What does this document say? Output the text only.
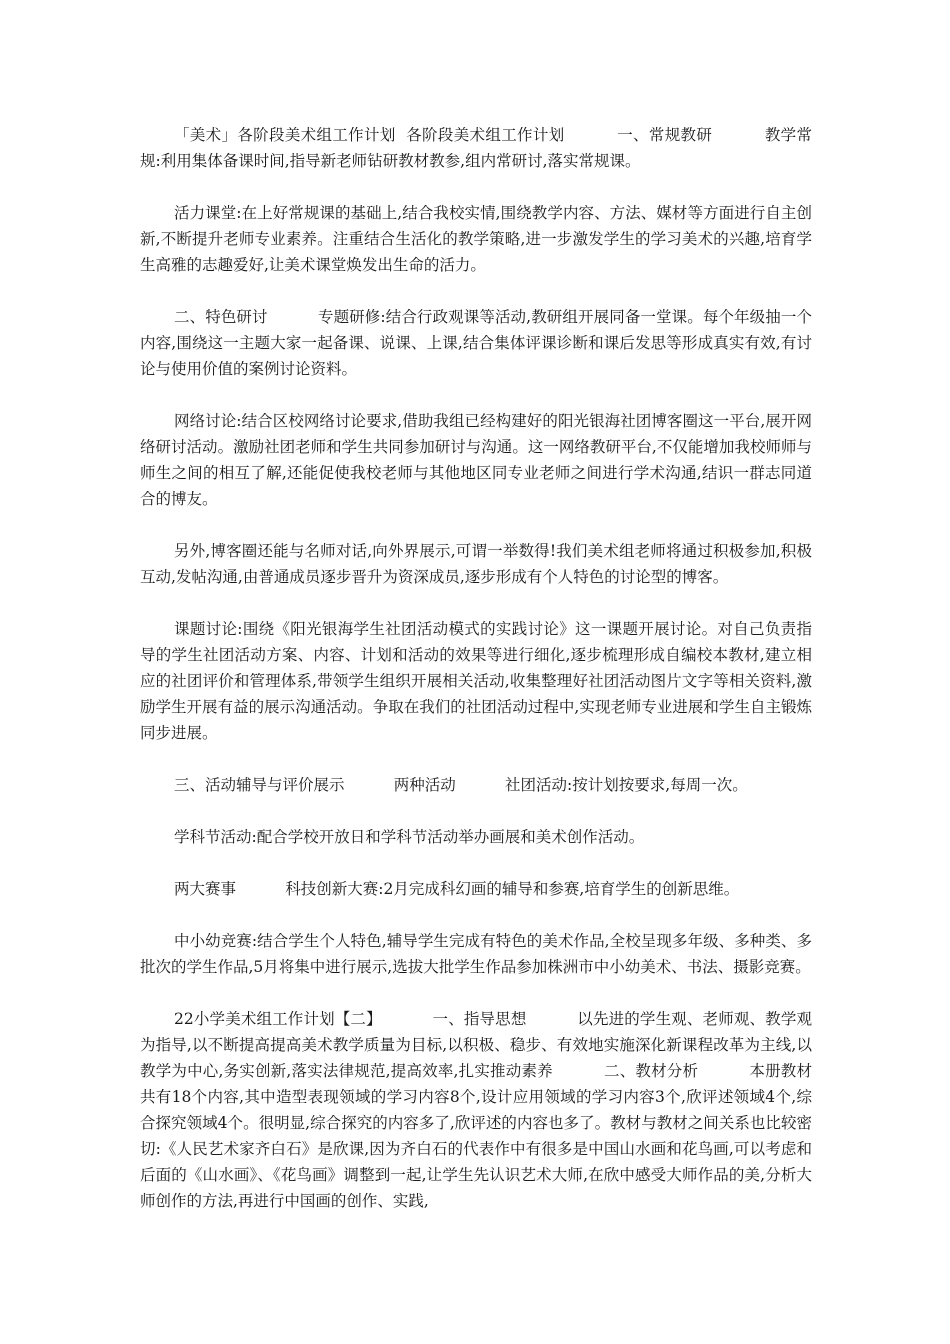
「美术」各阶段美术组工作计划  各阶段美术组工作计划          一、常规教研          教学常规:利用集体备课时间,指导新老师钻研教材教参,组内常研讨,落实常规课。

活力课堂:在上好常规课的基础上,结合我校实情,围绕教学内容、方法、媒材等方面进行自主创新,不断提升老师专业素养。注重结合生活化的教学策略,进一步激发学生的学习美术的兴趣,培育学生高雅的志趣爱好,让美术课堂焕发出生命的活力。

二、特色研讨          专题研修:结合行政观课等活动,教研组开展同备一堂课。每个年级抽一个内容,围绕这一主题大家一起备课、说课、上课,结合集体评课诊断和课后发思等形成真实有效,有讨论与使用价值的案例讨论资料。

网络讨论:结合区校网络讨论要求,借助我组已经构建好的阳光银海社团博客圈这一平台,展开网络研讨活动。激励社团老师和学生共同参加研讨与沟通。这一网络教研平台,不仅能增加我校师师与师生之间的相互了解,还能促使我校老师与其他地区同专业老师之间进行学术沟通,结识一群志同道合的博友。

另外,博客圈还能与名师对话,向外界展示,可谓一举数得!我们美术组老师将通过积极参加,积极互动,发帖沟通,由普通成员逐步晋升为资深成员,逐步形成有个人特色的讨论型的博客。

课题讨论:围绕《阳光银海学生社团活动模式的实践讨论》这一课题开展讨论。对自己负责指导的学生社团活动方案、内容、计划和活动的效果等进行细化,逐步梳理形成自编校本教材,建立相应的社团评价和管理体系,带领学生组织开展相关活动,收集整理好社团活动图片文字等相关资料,激励学生开展有益的展示沟通活动。争取在我们的社团活动过程中,实现老师专业进展和学生自主锻炼同步进展。

三、活动辅导与评价展示          两种活动          社团活动:按计划按要求,每周一次。

学科节活动:配合学校开放日和学科节活动举办画展和美术创作活动。

两大赛事          科技创新大赛:2月完成科幻画的辅导和参赛,培育学生的创新思维。

中小幼竞赛:结合学生个人特色,辅导学生完成有特色的美术作品,全校呈现多年级、多种类、多批次的学生作品,5月将集中进行展示,选拔大批学生作品参加株洲市中小幼美术、书法、摄影竞赛。

22小学美术组工作计划【二】          一、指导思想          以先进的学生观、老师观、教学观为指导,以不断提高提高美术教学质量为目标,以积极、稳步、有效地实施深化新课程改革为主线,以教学为中心,务实创新,落实法律规范,提高效率,扎实推动素养          二、教材分析          本册教材共有18个内容,其中造型表现领域的学习内容8个,设计应用领域的学习内容3个,欣评述领域4个,综合探究领域4个。很明显,综合探究的内容多了,欣评述的内容也多了。教材与教材之间关系也比较密切:《人民艺术家齐白石》是欣课,因为齐白石的代表作中有很多是中国山水画和花鸟画,可以考虑和后面的《山水画》、《花鸟画》调整到一起,让学生先认识艺术大师,在欣中感受大师作品的美,分析大师创作的方法,再进行中国画的创作、实践,
